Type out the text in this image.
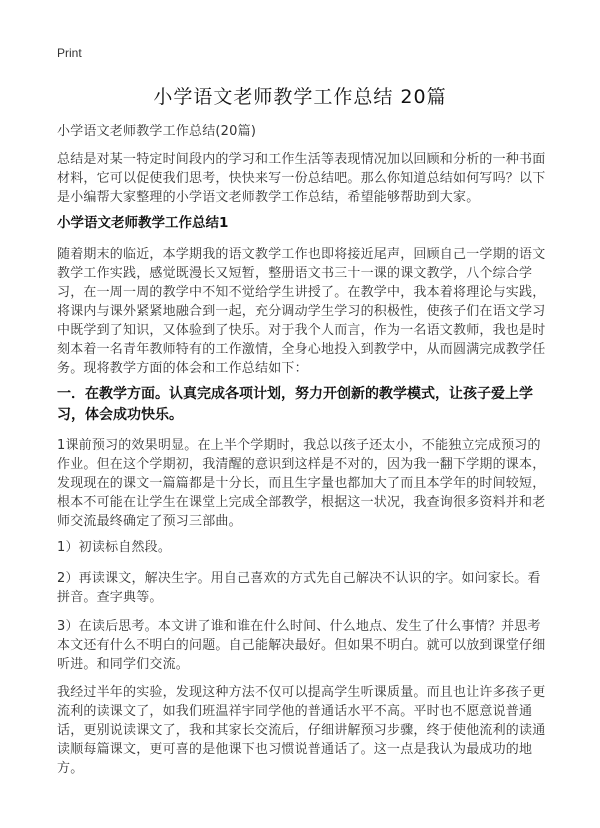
Print
小学语文老师教学工作总结 20篇
小学语文老师教学工作总结(20篇)

总结是对某一特定时间段内的学习和工作生活等表现情况加以回顾和分析的一种书面材料，它可以促使我们思考，快快来写一份总结吧。那么你知道总结如何写吗？以下是小编帮大家整理的小学语文老师教学工作总结，希望能够帮助到大家。

小学语文老师教学工作总结1

随着期末的临近，本学期我的语文教学工作也即将接近尾声，回顾自己一学期的语文教学工作实践，感觉既漫长又短暂，整册语文书三十一课的课文教学，八个综合学习，在一周一周的教学中不知不觉给学生讲授了。在教学中，我本着将理论与实践，将课内与课外紧紧地融合到一起，充分调动学生学习的积极性，使孩子们在语文学习中既学到了知识，又体验到了快乐。对于我个人而言，作为一名语文教师，我也是时刻本着一名青年教师特有的工作激情，全身心地投入到教学中，从而圆满完成教学任务。现将教学方面的体会和工作总结如下：

一．在教学方面。认真完成各项计划，努力开创新的教学模式，让孩子爱上学习，体会成功快乐。

1课前预习的效果明显。在上半个学期时，我总以孩子还太小，不能独立完成预习的作业。但在这个学期初，我清醒的意识到这样是不对的，因为我一翻下学期的课本，发现现在的课文一篇篇都是十分长，而且生字量也都加大了而且本学年的时间较短，根本不可能在让学生在课堂上完成全部教学，根据这一状况，我查询很多资料并和老师交流最终确定了预习三部曲。

1）初读标自然段。

2）再读课文，解决生字。用自己喜欢的方式先自己解决不认识的字。如问家长。看拼音。查字典等。

3）在读后思考。本文讲了谁和谁在什么时间、什么地点、发生了什么事情？并思考本文还有什么不明白的问题。自己能解决最好。但如果不明白。就可以放到课堂仔细听进。和同学们交流。

我经过半年的实验，发现这种方法不仅可以提高学生听课质量。而且也让许多孩子更流利的读课文了，如我们班温祥宇同学他的普通话水平不高。平时也不愿意说普通话，更别说读课文了，我和其家长交流后，仔细讲解预习步骤，终于使他流利的读通读顺每篇课文，更可喜的是他课下也习惯说普通话了。这一点是我认为最成功的地方。
